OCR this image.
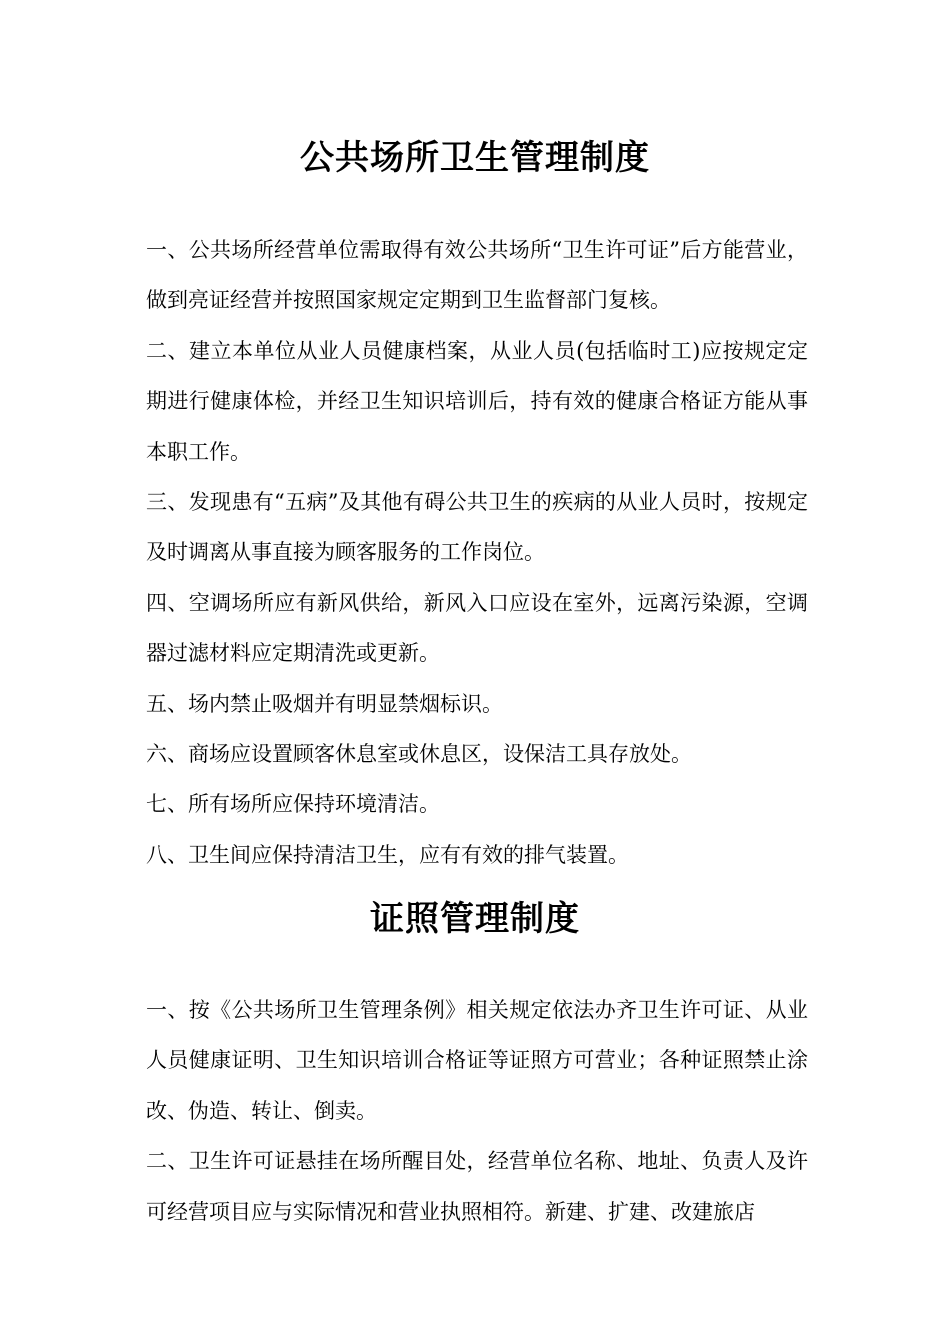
公共场所卫生管理制度

一、公共场所经营单位需取得有效公共场所“卫生许可证”后方能营业，做到亮证经营并按照国家规定定期到卫生监督部门复核。

二、建立本单位从业人员健康档案，从业人员(包括临时工)应按规定定期进行健康体检，并经卫生知识培训后，持有效的健康合格证方能从事本职工作。

三、发现患有“五病”及其他有碍公共卫生的疾病的从业人员时，按规定及时调离从事直接为顾客服务的工作岗位。

四、空调场所应有新风供给，新风入口应设在室外，远离污染源，空调器过滤材料应定期清洗或更新。

五、场内禁止吸烟并有明显禁烟标识。

六、商场应设置顾客休息室或休息区，设保洁工具存放处。

七、所有场所应保持环境清洁。

八、卫生间应保持清洁卫生，应有有效的排气装置。

证照管理制度

一、按《公共场所卫生管理条例》相关规定依法办齐卫生许可证、从业人员健康证明、卫生知识培训合格证等证照方可营业；各种证照禁止涂改、伪造、转让、倒卖。

二、卫生许可证悬挂在场所醒目处，经营单位名称、地址、负责人及许可经营项目应与实际情况和营业执照相符。新建、扩建、改建旅店
